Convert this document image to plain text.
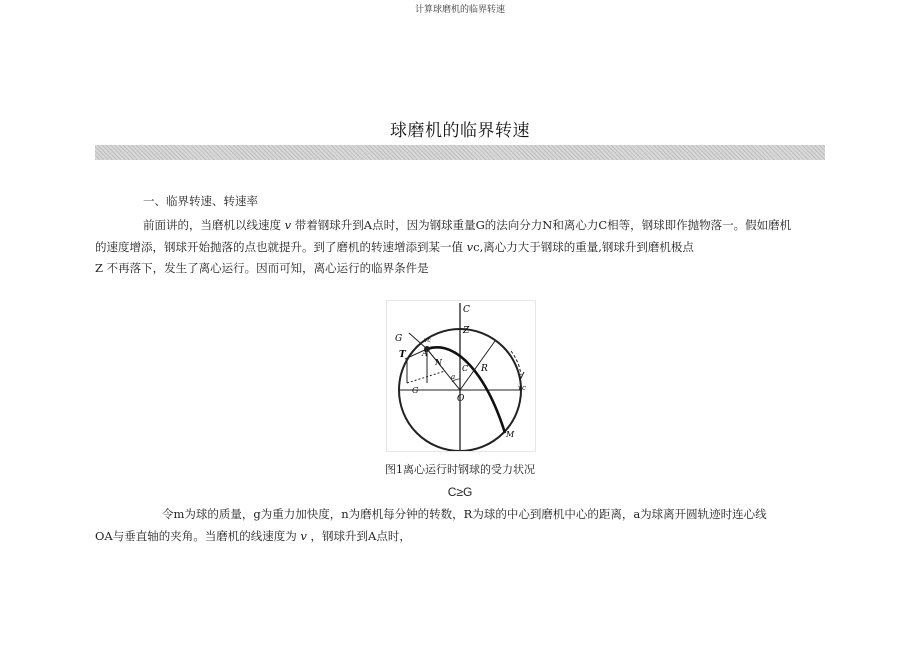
计算球磨机的临界转速
球磨机的临界转速
一、临界转速、转速率
前面讲的，当磨机以线速度 𝑣 带着钢球升到A点时，因为钢球重量G的法向分力N和离心力C相等，钢球即作抛物落一。假如磨机
的速度增添，钢球开始抛落的点也就提升。到了磨机的转速增添到某一值 𝑣c,离心力大于钢球的重量,钢球升到磨机极点
Z 不再落下，发生了离心运行。因而可知，离心运行的临界条件是
C
Z
G
T A
vc
N
R
a
C
G
O
M
vc
图1离心运行时钢球的受力状况
C≥G
令m为球的质量，g为重力加快度，n为磨机每分钟的转数，R为球的中心到磨机中心的距离，a为球离开圆轨迹时连心线
OA与垂直轴的夹角。当磨机的线速度为 𝑣 ，钢球升到A点时，
